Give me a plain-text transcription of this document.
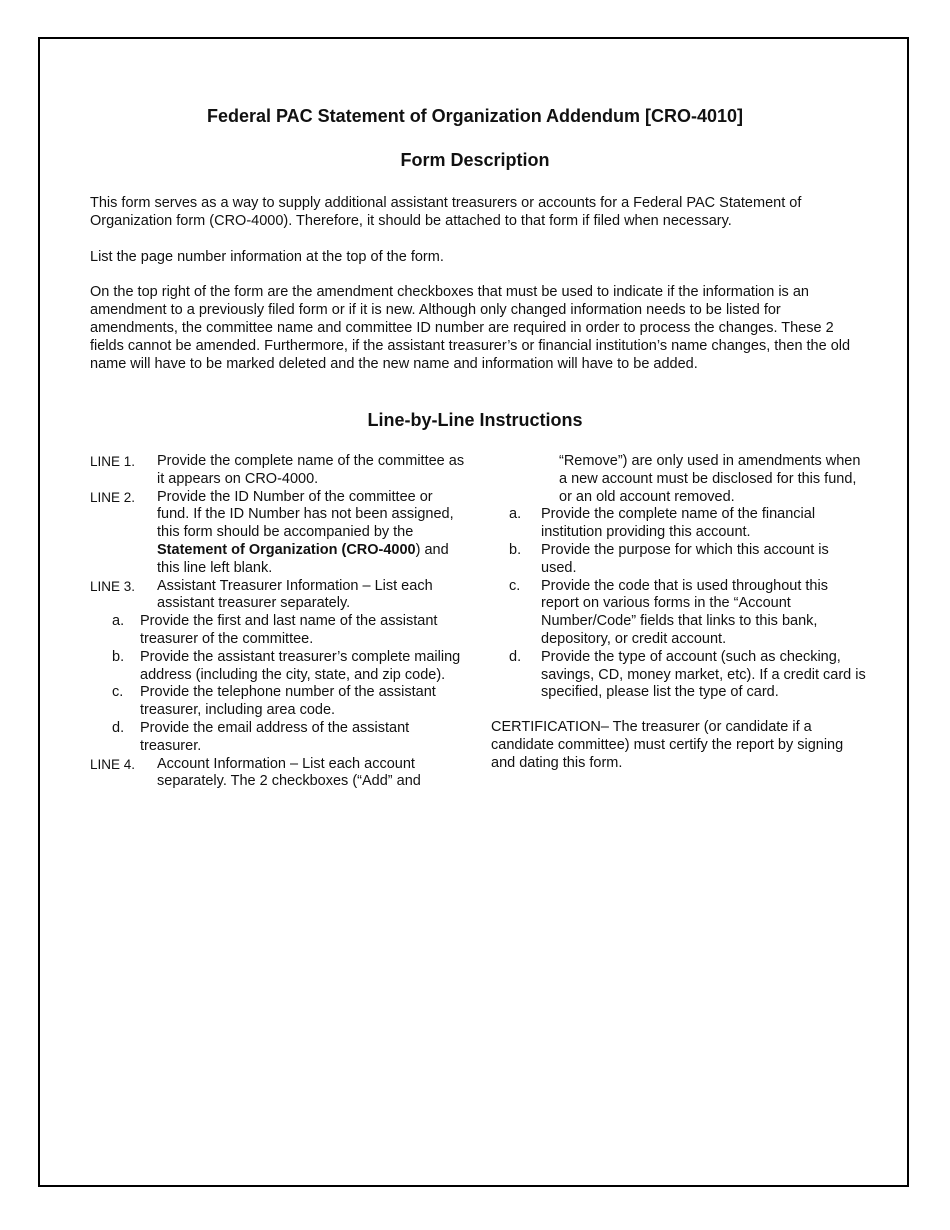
Federal PAC Statement of Organization Addendum [CRO-4010]
Form Description
This form serves as a way to supply additional assistant treasurers or accounts for a Federal PAC Statement of Organization form (CRO-4000). Therefore, it should be attached to that form if filed when necessary.
List the page number information at the top of the form.
On the top right of the form are the amendment checkboxes that must be used to indicate if the information is an amendment to a previously filed form or if it is new. Although only changed information needs to be listed for amendments, the committee name and committee ID number are required in order to process the changes. These 2 fields cannot be amended. Furthermore, if the assistant treasurer’s or financial institution’s name changes, then the old name will have to be marked deleted and the new name and information will have to be added.
Line-by-Line Instructions
LINE 1.	Provide the complete name of the committee as it appears on CRO-4000.
LINE 2.	Provide the ID Number of the committee or fund. If the ID Number has not been assigned, this form should be accompanied by the Statement of Organization (CRO-4000) and this line left blank.
LINE 3.	Assistant Treasurer Information – List each assistant treasurer separately.
a.	Provide the first and last name of the assistant treasurer of the committee.
b.	Provide the assistant treasurer’s complete mailing address (including the city, state, and zip code).
c.	Provide the telephone number of the assistant treasurer, including area code.
d.	Provide the email address of the assistant treasurer.
LINE 4.	Account Information – List each account separately. The 2 checkboxes (“Add” and
“Remove”) are only used in amendments when a new account must be disclosed for this fund, or an old account removed.
a.	Provide the complete name of the financial institution providing this account.
b.	Provide the purpose for which this account is used.
c.	Provide the code that is used throughout this report on various forms in the “Account Number/Code” fields that links to this bank, depository, or credit account.
d.	Provide the type of account (such as checking, savings, CD, money market, etc). If a credit card is specified, please list the type of card.
CERTIFICATION– The treasurer (or candidate if a candidate committee) must certify the report by signing and dating this form.
